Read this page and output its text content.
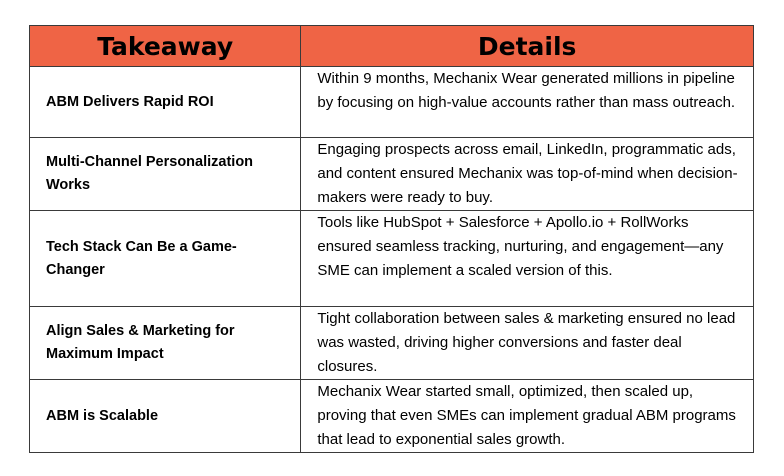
Takeaway	Details
ABM Delivers Rapid ROI	Within 9 months, Mechanix Wear generated millions in pipeline by focusing on high-value accounts rather than mass outreach.
Multi-Channel Personalization Works	Engaging prospects across email, LinkedIn, programmatic ads, and content ensured Mechanix was top-of-mind when decision-makers were ready to buy.
Tech Stack Can Be a Game-Changer	Tools like HubSpot + Salesforce + Apollo.io + RollWorks ensured seamless tracking, nurturing, and engagement—any SME can implement a scaled version of this.
Align Sales & Marketing for Maximum Impact	Tight collaboration between sales & marketing ensured no lead was wasted, driving higher conversions and faster deal closures.
ABM is Scalable	Mechanix Wear started small, optimized, then scaled up, proving that even SMEs can implement gradual ABM programs that lead to exponential sales growth.
